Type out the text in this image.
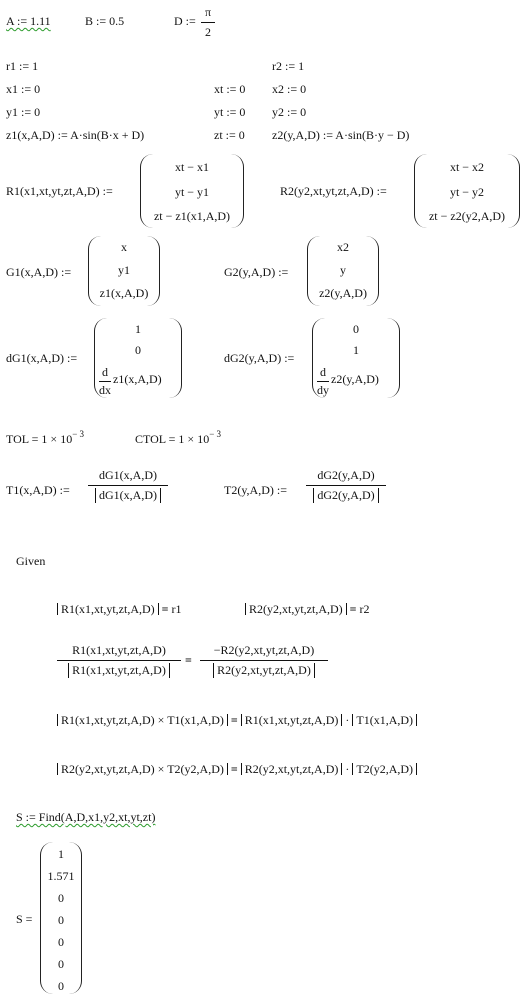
A := 1.11	B := 0.5	D :=
π
2
r1 := 1	r2 := 1
x1 := 0	xt := 0 x2 := 0
y1 := 0	yt := 0 y2 := 0
z1(x,A,D) := A·sin(B·x + D)	zt := 0 z2(y,A,D) := A·sin(B·y − D)
R1(x1,xt,yt,zt,A,D) :=
xt − x1
yt − y1
zt − z1(x1,A,D)
R2(y2,xt,yt,zt,A,D) :=
xt − x2
yt − y2
zt − z2(y2,A,D)
G1(x,A,D) :=
x
y1
z1(x,A,D)
G2(y,A,D) :=
x2
y
z2(y,A,D)
dG1(x,A,D) :=
1
0
d
dx
z1(x,A,D)
dG2(y,A,D) :=
0
1
d
dy
z2(y,A,D)
TOL = $1 \times 10^{- 3}$	CTOL = $1 \times 10^{- 3}$
T1(x,A,D) :=
dG1(x,A,D)
dG1(x,A,D)	T2(y,A,D) :=
dG2(y,A,D)
dG2(y,A,D)
Given
R1(x1,xt,yt,zt,A,D) = r1	R2(y2,xt,yt,zt,A,D) = r2
R1(x1,xt,yt,zt,A,D)
R1(x1,xt,yt,zt,A,D)
=
−R2(y2,xt,yt,zt,A,D)
R2(y2,xt,yt,zt,A,D)
R1(x1,xt,yt,zt,A,D) × T1(x1,A,D) = R1(x1,xt,yt,zt,A,D) · T1(x1,A,D)
R2(y2,xt,yt,zt,A,D) × T2(y2,A,D) = R2(y2,xt,yt,zt,A,D) · T2(y2,A,D)
S := Find(A,D,x1,y2,xt,yt,zt)
S =
1
1.571
0
0
0
0
0
